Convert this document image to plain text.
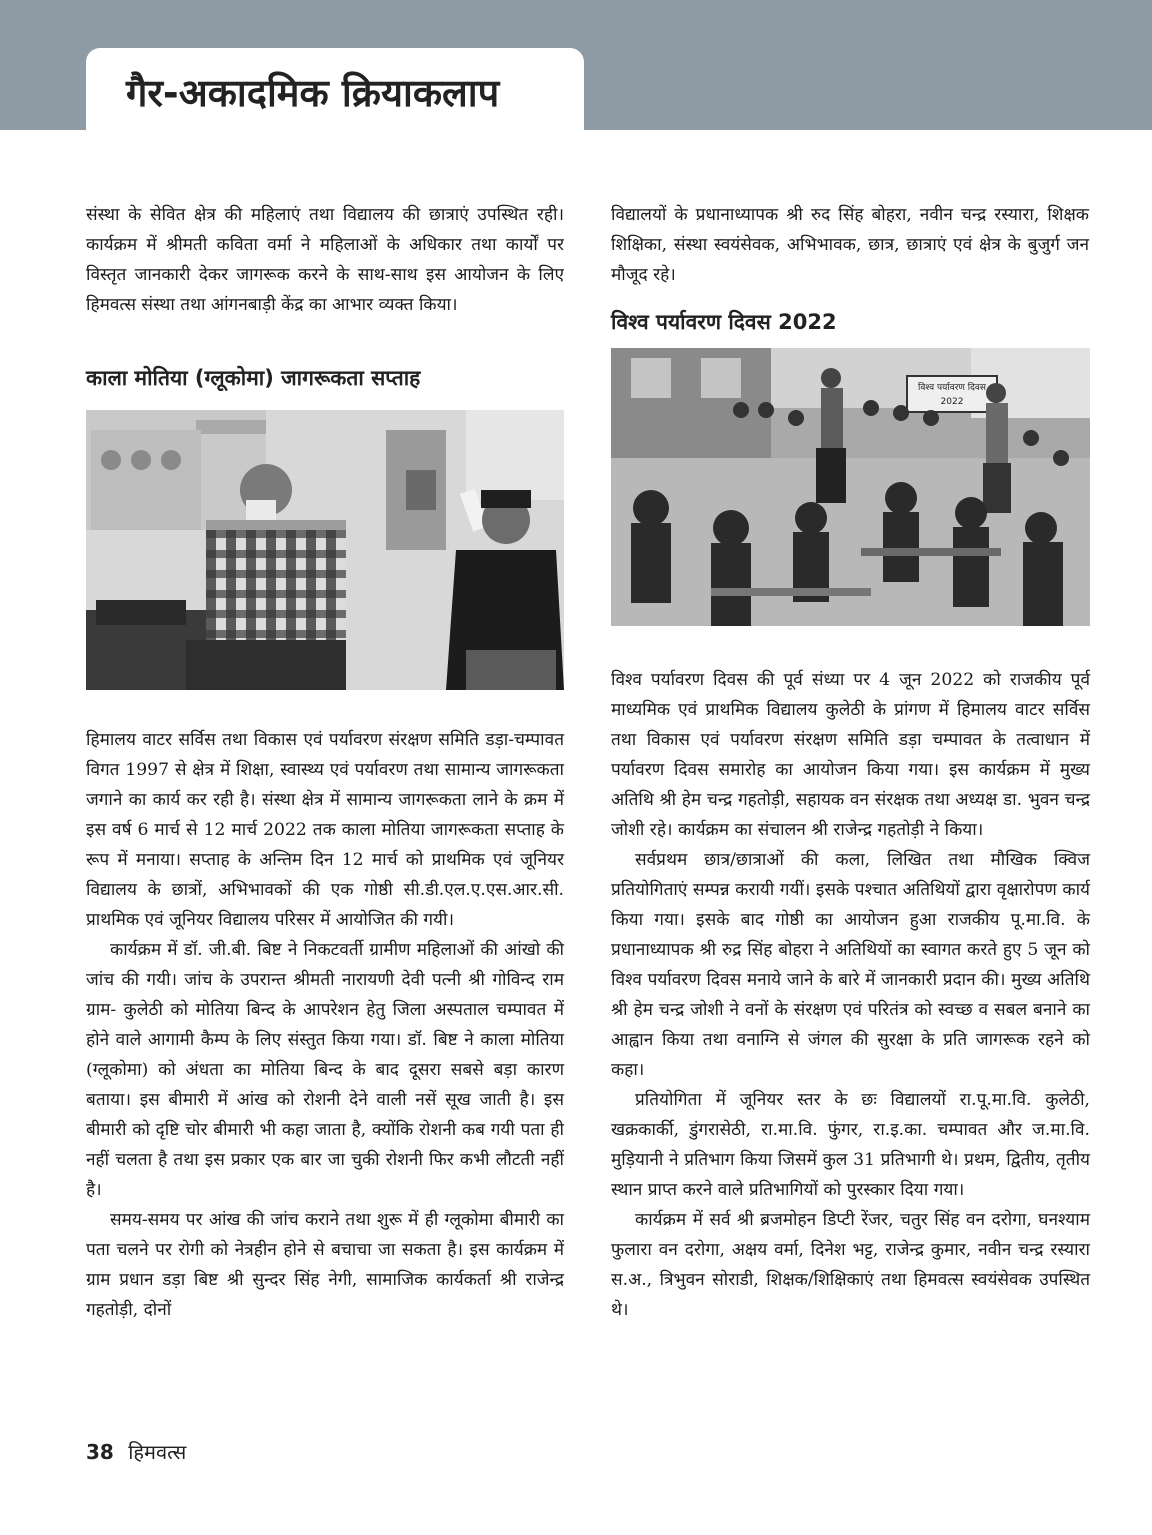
गैर-अकादमिक क्रियाकलाप

संस्था के सेवित क्षेत्र की महिलाएं तथा विद्यालय की छात्राएं उपस्थित रही। कार्यक्रम में श्रीमती कविता वर्मा ने महिलाओं के अधिकार तथा कार्यों पर विस्तृत जानकारी देकर जागरूक करने के साथ-साथ इस आयोजन के लिए हिमवत्स संस्था तथा आंगनबाड़ी केंद्र का आभार व्यक्त किया।

काला मोतिया (ग्लूकोमा) जागरूकता सप्ताह

हिमालय वाटर सर्विस तथा विकास एवं पर्यावरण संरक्षण समिति डड़ा-चम्पावत विगत 1997 से क्षेत्र में शिक्षा, स्वास्थ्य एवं पर्यावरण तथा सामान्य जागरूकता जगाने का कार्य कर रही है। संस्था क्षेत्र में सामान्य जागरूकता लाने के क्रम में इस वर्ष 6 मार्च से 12 मार्च 2022 तक काला मोतिया जागरूकता सप्ताह के रूप में मनाया। सप्ताह के अन्तिम दिन 12 मार्च को प्राथमिक एवं जूनियर विद्यालय के छात्रों, अभिभावकों की एक गोष्ठी सी.डी.एल.ए.एस.आर.सी. प्राथमिक एवं जूनियर विद्यालय परिसर में आयोजित की गयी।

कार्यक्रम में डॉ. जी.बी. बिष्ट ने निकटवर्ती ग्रामीण महिलाओं की आंखो की जांच की गयी। जांच के उपरान्त श्रीमती नारायणी देवी पत्नी श्री गोविन्द राम ग्राम- कुलेठी को मोतिया बिन्द के आपरेशन हेतु जिला अस्पताल चम्पावत में होने वाले आगामी कैम्प के लिए संस्तुत किया गया। डॉ. बिष्ट ने काला मोतिया (ग्लूकोमा) को अंधता का मोतिया बिन्द के बाद दूसरा सबसे बड़ा कारण बताया। इस बीमारी में आंख को रोशनी देने वाली नसें सूख जाती है। इस बीमारी को दृष्टि चोर बीमारी भी कहा जाता है, क्योंकि रोशनी कब गयी पता ही नहीं चलता है तथा इस प्रकार एक बार जा चुकी रोशनी फिर कभी लौटती नहीं है।

समय-समय पर आंख की जांच कराने तथा शुरू में ही ग्लूकोमा बीमारी का पता चलने पर रोगी को नेत्रहीन होने से बचाचा जा सकता है। इस कार्यक्रम में ग्राम प्रधान डड़ा बिष्ट श्री सुन्दर सिंह नेगी, सामाजिक कार्यकर्ता श्री राजेन्द्र गहतोड़ी, दोनों

विद्यालयों के प्रधानाध्यापक श्री रुद सिंह बोहरा, नवीन चन्द्र रस्यारा, शिक्षक शिक्षिका, संस्था स्वयंसेवक, अभिभावक, छात्र, छात्राएं एवं क्षेत्र के बुजुर्ग जन मौजूद रहे।

विश्व पर्यावरण दिवस 2022

विश्व पर्यावरण दिवस
2022

विश्व पर्यावरण दिवस की पूर्व संध्या पर 4 जून 2022 को राजकीय पूर्व माध्यमिक एवं प्राथमिक विद्यालय कुलेठी के प्रांगण में हिमालय वाटर सर्विस तथा विकास एवं पर्यावरण संरक्षण समिति डड़ा चम्पावत के तत्वाधान में पर्यावरण दिवस समारोह का आयोजन किया गया। इस कार्यक्रम में मुख्य अतिथि श्री हेम चन्द्र गहतोड़ी, सहायक वन संरक्षक तथा अध्यक्ष डा. भुवन चन्द्र जोशी रहे। कार्यक्रम का संचालन श्री राजेन्द्र गहतोड़ी ने किया।

सर्वप्रथम छात्र/छात्राओं की कला, लिखित तथा मौखिक क्विज प्रतियोगिताएं सम्पन्न करायी गयीं। इसके पश्चात अतिथियों द्वारा वृक्षारोपण कार्य किया गया। इसके बाद गोष्ठी का आयोजन हुआ राजकीय पू.मा.वि. के प्रधानाध्यापक श्री रुद्र सिंह बोहरा ने अतिथियों का स्वागत करते हुए 5 जून को विश्व पर्यावरण दिवस मनाये जाने के बारे में जानकारी प्रदान की। मुख्य अतिथि श्री हेम चन्द्र जोशी ने वनों के संरक्षण एवं परितंत्र को स्वच्छ व सबल बनाने का आह्वान किया तथा वनाग्नि से जंगल की सुरक्षा के प्रति जागरूक रहने को कहा।

प्रतियोगिता में जूनियर स्तर के छः विद्यालयों रा.पू.मा.वि. कुलेठी, खक्रकार्की, डुंगरासेठी, रा.मा.वि. फुंगर, रा.इ.का. चम्पावत और ज.मा.वि. मुड़ियानी ने प्रतिभाग किया जिसमें कुल 31 प्रतिभागी थे। प्रथम, द्वितीय, तृतीय स्थान प्राप्त करने वाले प्रतिभागियों को पुरस्कार दिया गया।

कार्यक्रम में सर्व श्री ब्रजमोहन डिप्टी रेंजर, चतुर सिंह वन दरोगा, घनश्याम फुलारा वन दरोगा, अक्षय वर्मा, दिनेश भट्ट, राजेन्द्र कुमार, नवीन चन्द्र रस्यारा स.अ., त्रिभुवन सोराडी, शिक्षक/शिक्षिकाएं तथा हिमवत्स स्वयंसेवक उपस्थित थे।

38 हिमवत्स
